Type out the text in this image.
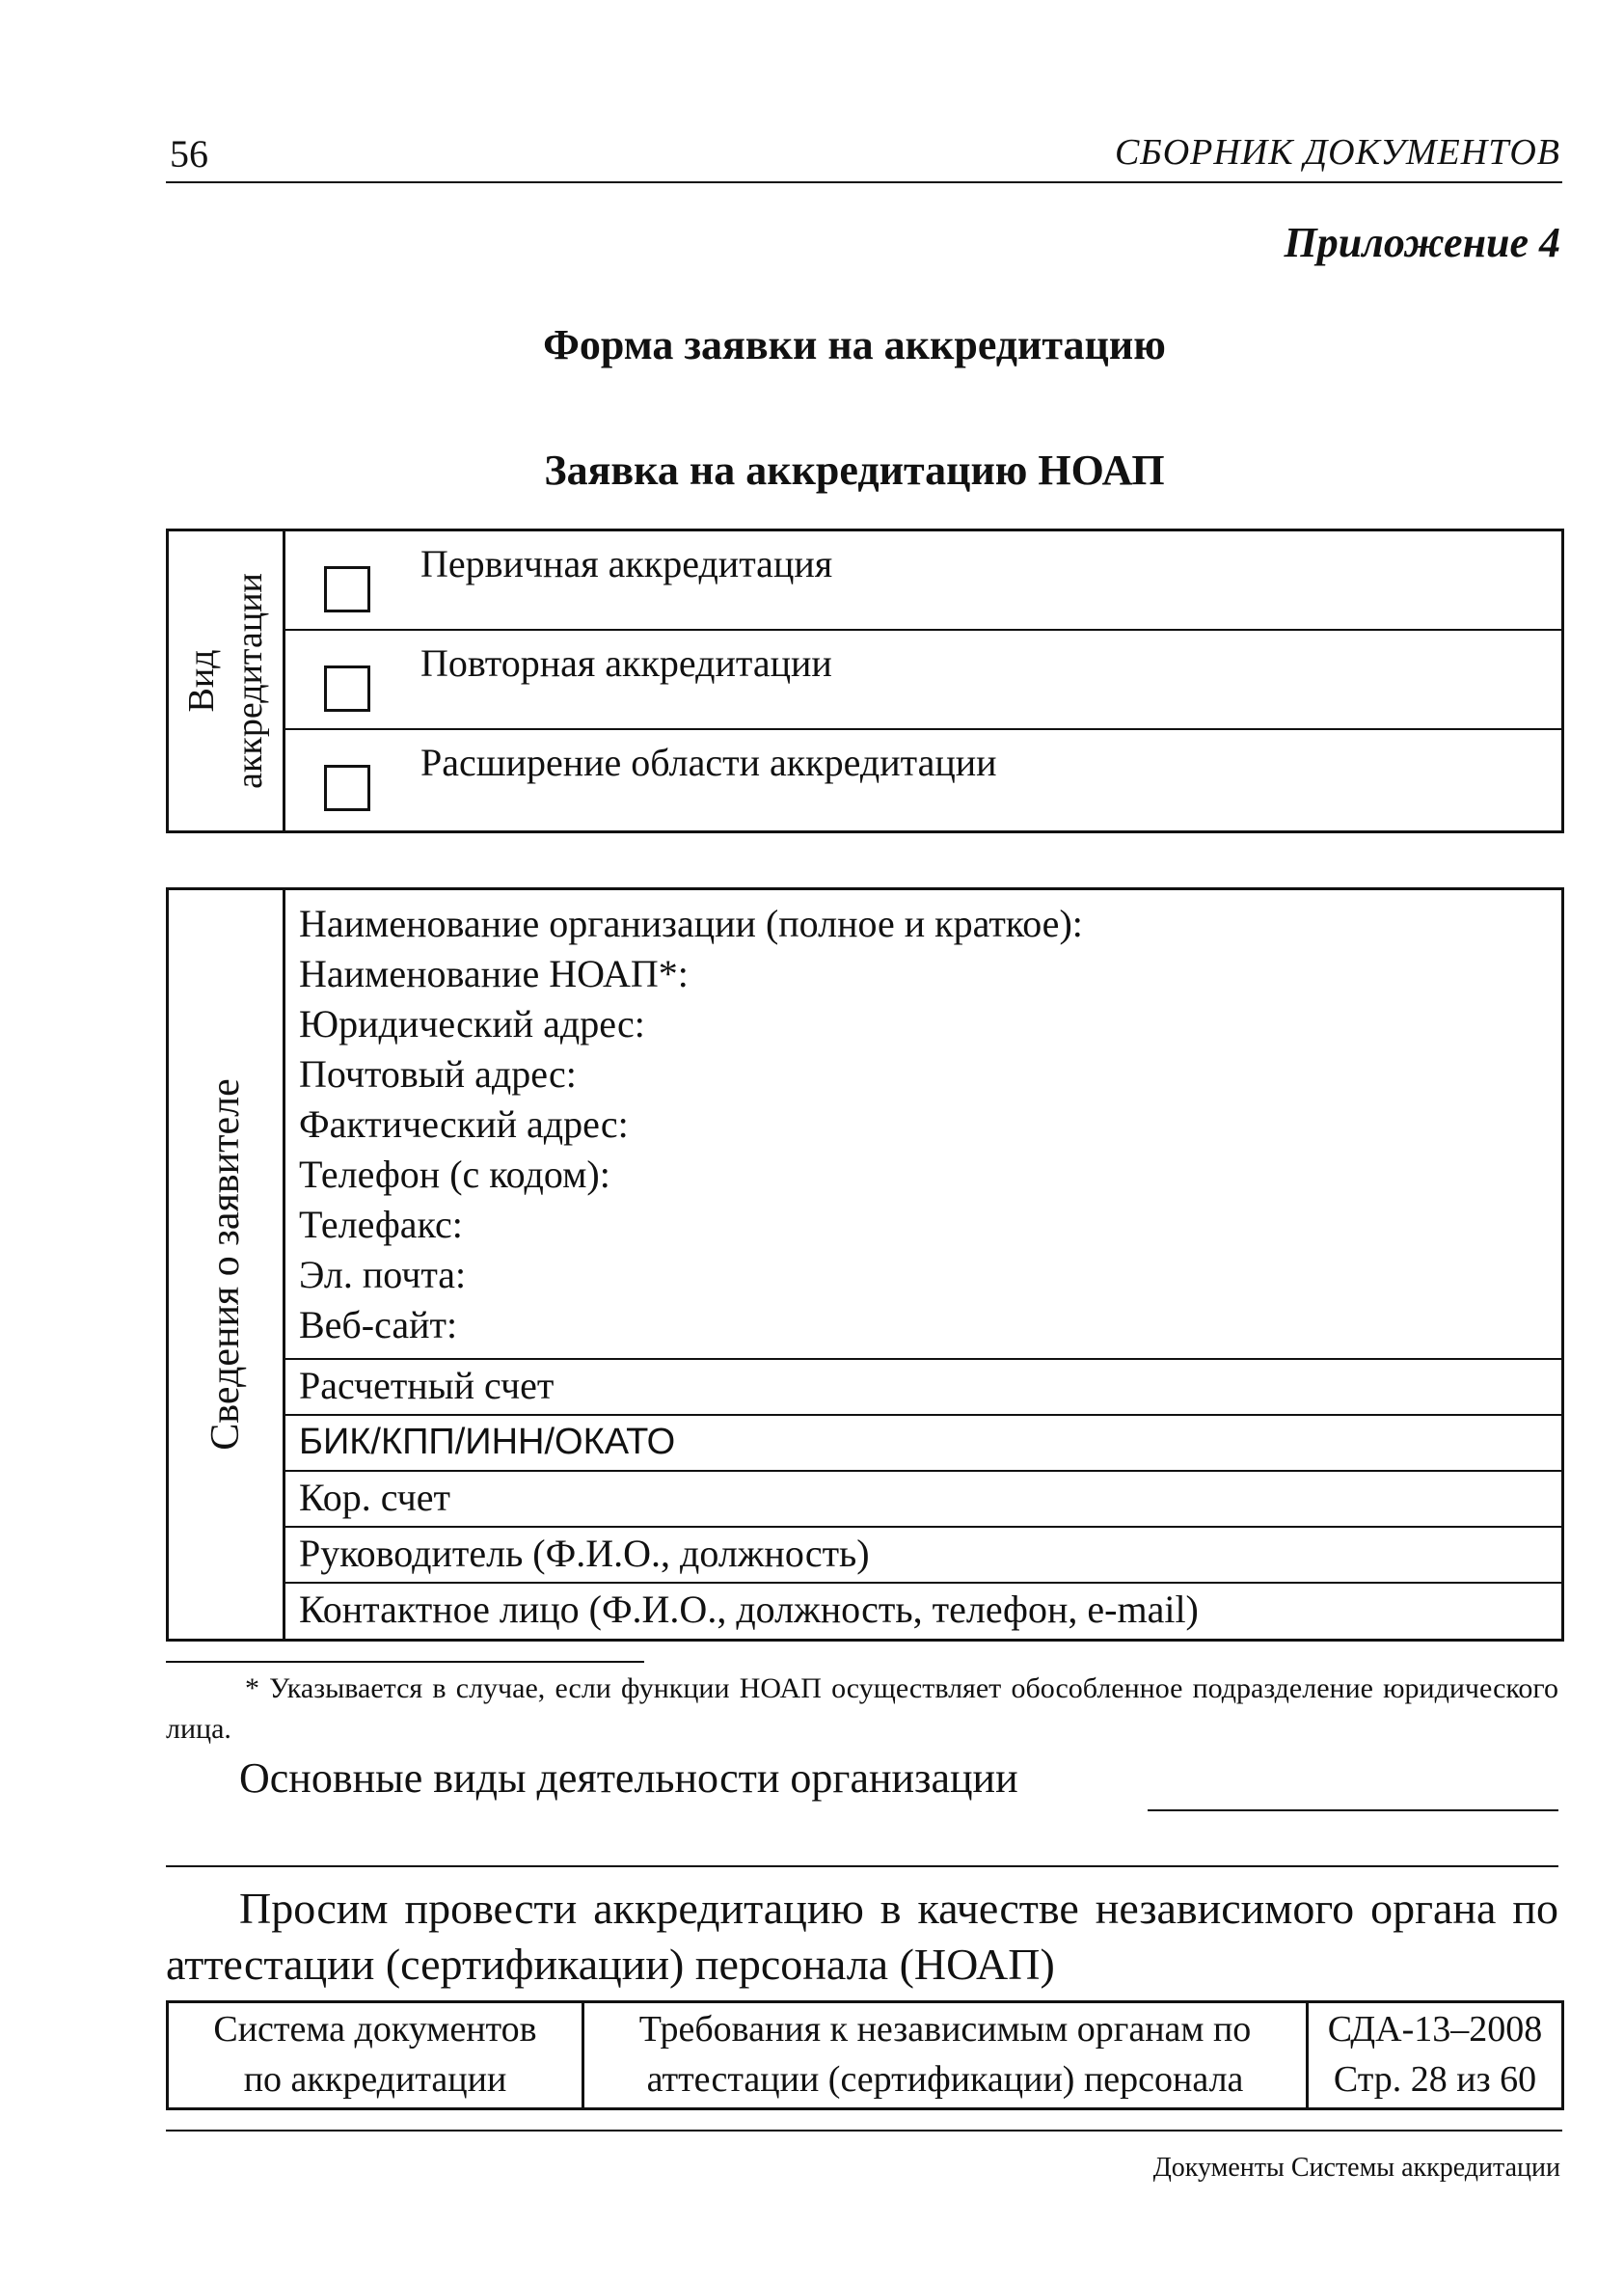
56	СБОРНИК ДОКУМЕНТОВ
Приложение 4
Форма заявки на аккредитацию
Заявка на аккредитацию НОАП
Вид аккредитации
Первичная аккредитация
Повторная аккредитации
Расширение области аккредитации
Сведения о заявителе
Наименование организации (полное и краткое):
Наименование НОАП*:
Юридический адрес:
Почтовый адрес:
Фактический адрес:
Телефон (с кодом):
Телефакс:
Эл. почта:
Веб-сайт:
Расчетный счет
БИК/КПП/ИНН/ОКАТО
Кор. счет
Руководитель (Ф.И.О., должность)
Контактное лицо (Ф.И.О., должность, телефон, e-mail)
* Указывается в случае, если функции НОАП осуществляет обособленное подразделение юридического лица.
Основные виды деятельности организации
Просим провести аккредитацию в качестве независимого органа по аттестации (сертификации) персонала (НОАП)
Система документов
по аккредитации
Требования к независимым органам по
аттестации (сертификации) персонала
СДА-13–2008
Стр. 28 из 60
Документы Системы аккредитации
